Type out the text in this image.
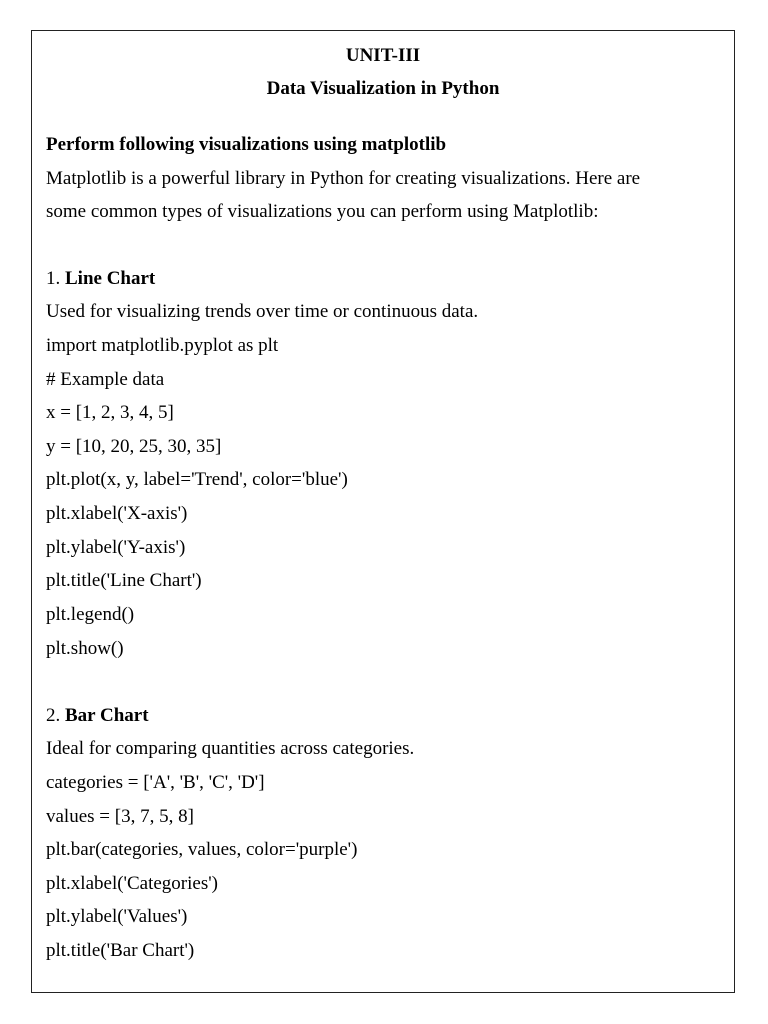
UNIT-III
Data Visualization in Python
Perform following visualizations using matplotlib
Matplotlib is a powerful library in Python for creating visualizations. Here are
some common types of visualizations you can perform using Matplotlib:
1. Line Chart
Used for visualizing trends over time or continuous data.
import matplotlib.pyplot as plt
# Example data
x = [1, 2, 3, 4, 5]
y = [10, 20, 25, 30, 35]
plt.plot(x, y, label='Trend', color='blue')
plt.xlabel('X-axis')
plt.ylabel('Y-axis')
plt.title('Line Chart')
plt.legend()
plt.show()
2. Bar Chart
Ideal for comparing quantities across categories.
categories = ['A', 'B', 'C', 'D']
values = [3, 7, 5, 8]
plt.bar(categories, values, color='purple')
plt.xlabel('Categories')
plt.ylabel('Values')
plt.title('Bar Chart')
